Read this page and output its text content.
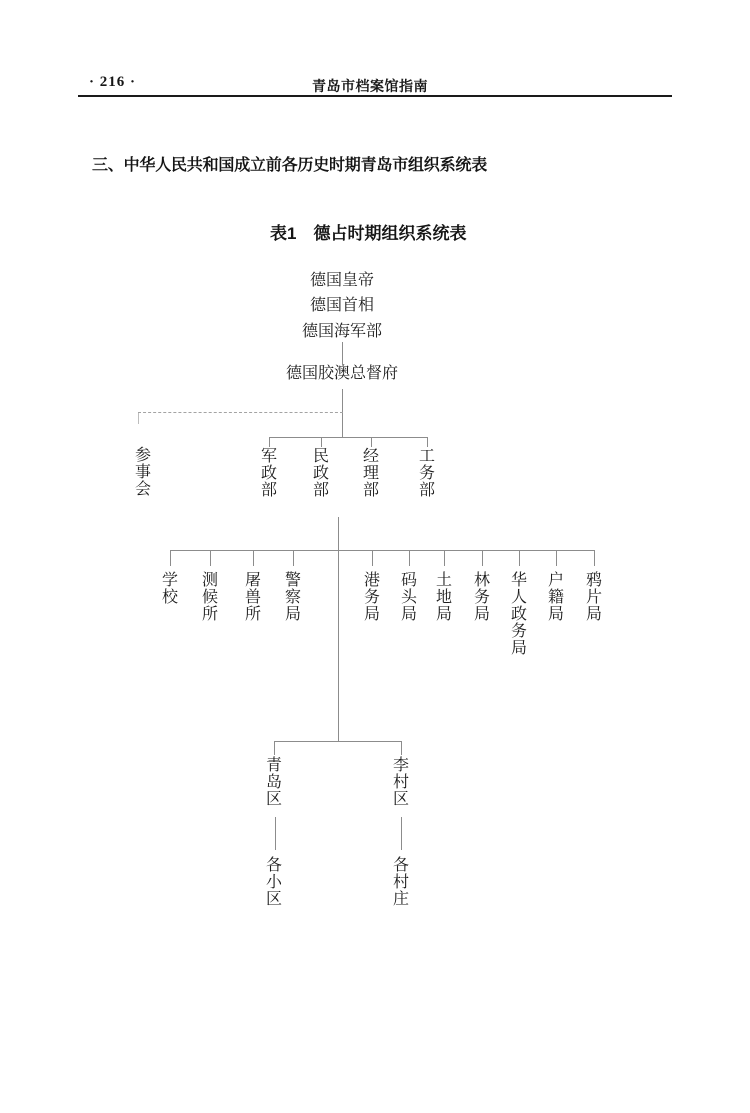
· 216 ·	青岛市档案馆指南
三、中华人民共和国成立前各历史时期青岛市组织系统表
表1　德占时期组织系统表
德国皇帝
德国首相
德国海军部
德国胶澳总督府
参事会
军政部
民政部
经理部
工务部
学校
测候所
屠兽所
警察局
港务局
码头局
土地局
林务局
华人政务局
户籍局
鸦片局
青岛区
李村区
各小区
各村庄
